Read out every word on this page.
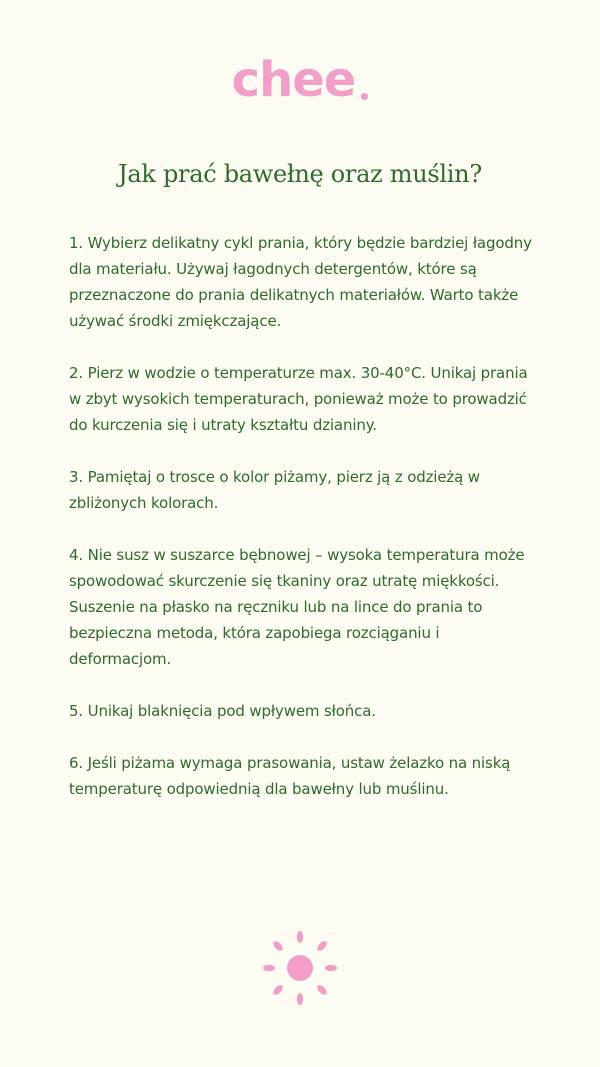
chee
Jak prać bawełnę oraz muślin?
1. Wybierz delikatny cykl prania, który będzie bardziej łagodny dla materiału. Używaj łagodnych detergentów, które są przeznaczone do prania delikatnych materiałów. Warto także używać środki zmiękczające.
2. Pierz w wodzie o temperaturze max. 30-40°C. Unikaj prania w zbyt wysokich temperaturach, ponieważ może to prowadzić do kurczenia się i utraty kształtu dzianiny.
3. Pamiętaj o trosce o kolor piżamy, pierz ją z odzieżą w zbliżonych kolorach.
4. Nie susz w suszarce bębnowej – wysoka temperatura może spowodować skurczenie się tkaniny oraz utratę miękkości. Suszenie na płasko na ręczniku lub na lince do prania to bezpieczna metoda, która zapobiega rozciąganiu i deformacjom.
5. Unikaj blaknięcia pod wpływem słońca.
6. Jeśli piżama wymaga prasowania, ustaw żelazko na niską temperaturę odpowiednią dla bawełny lub muślinu.
